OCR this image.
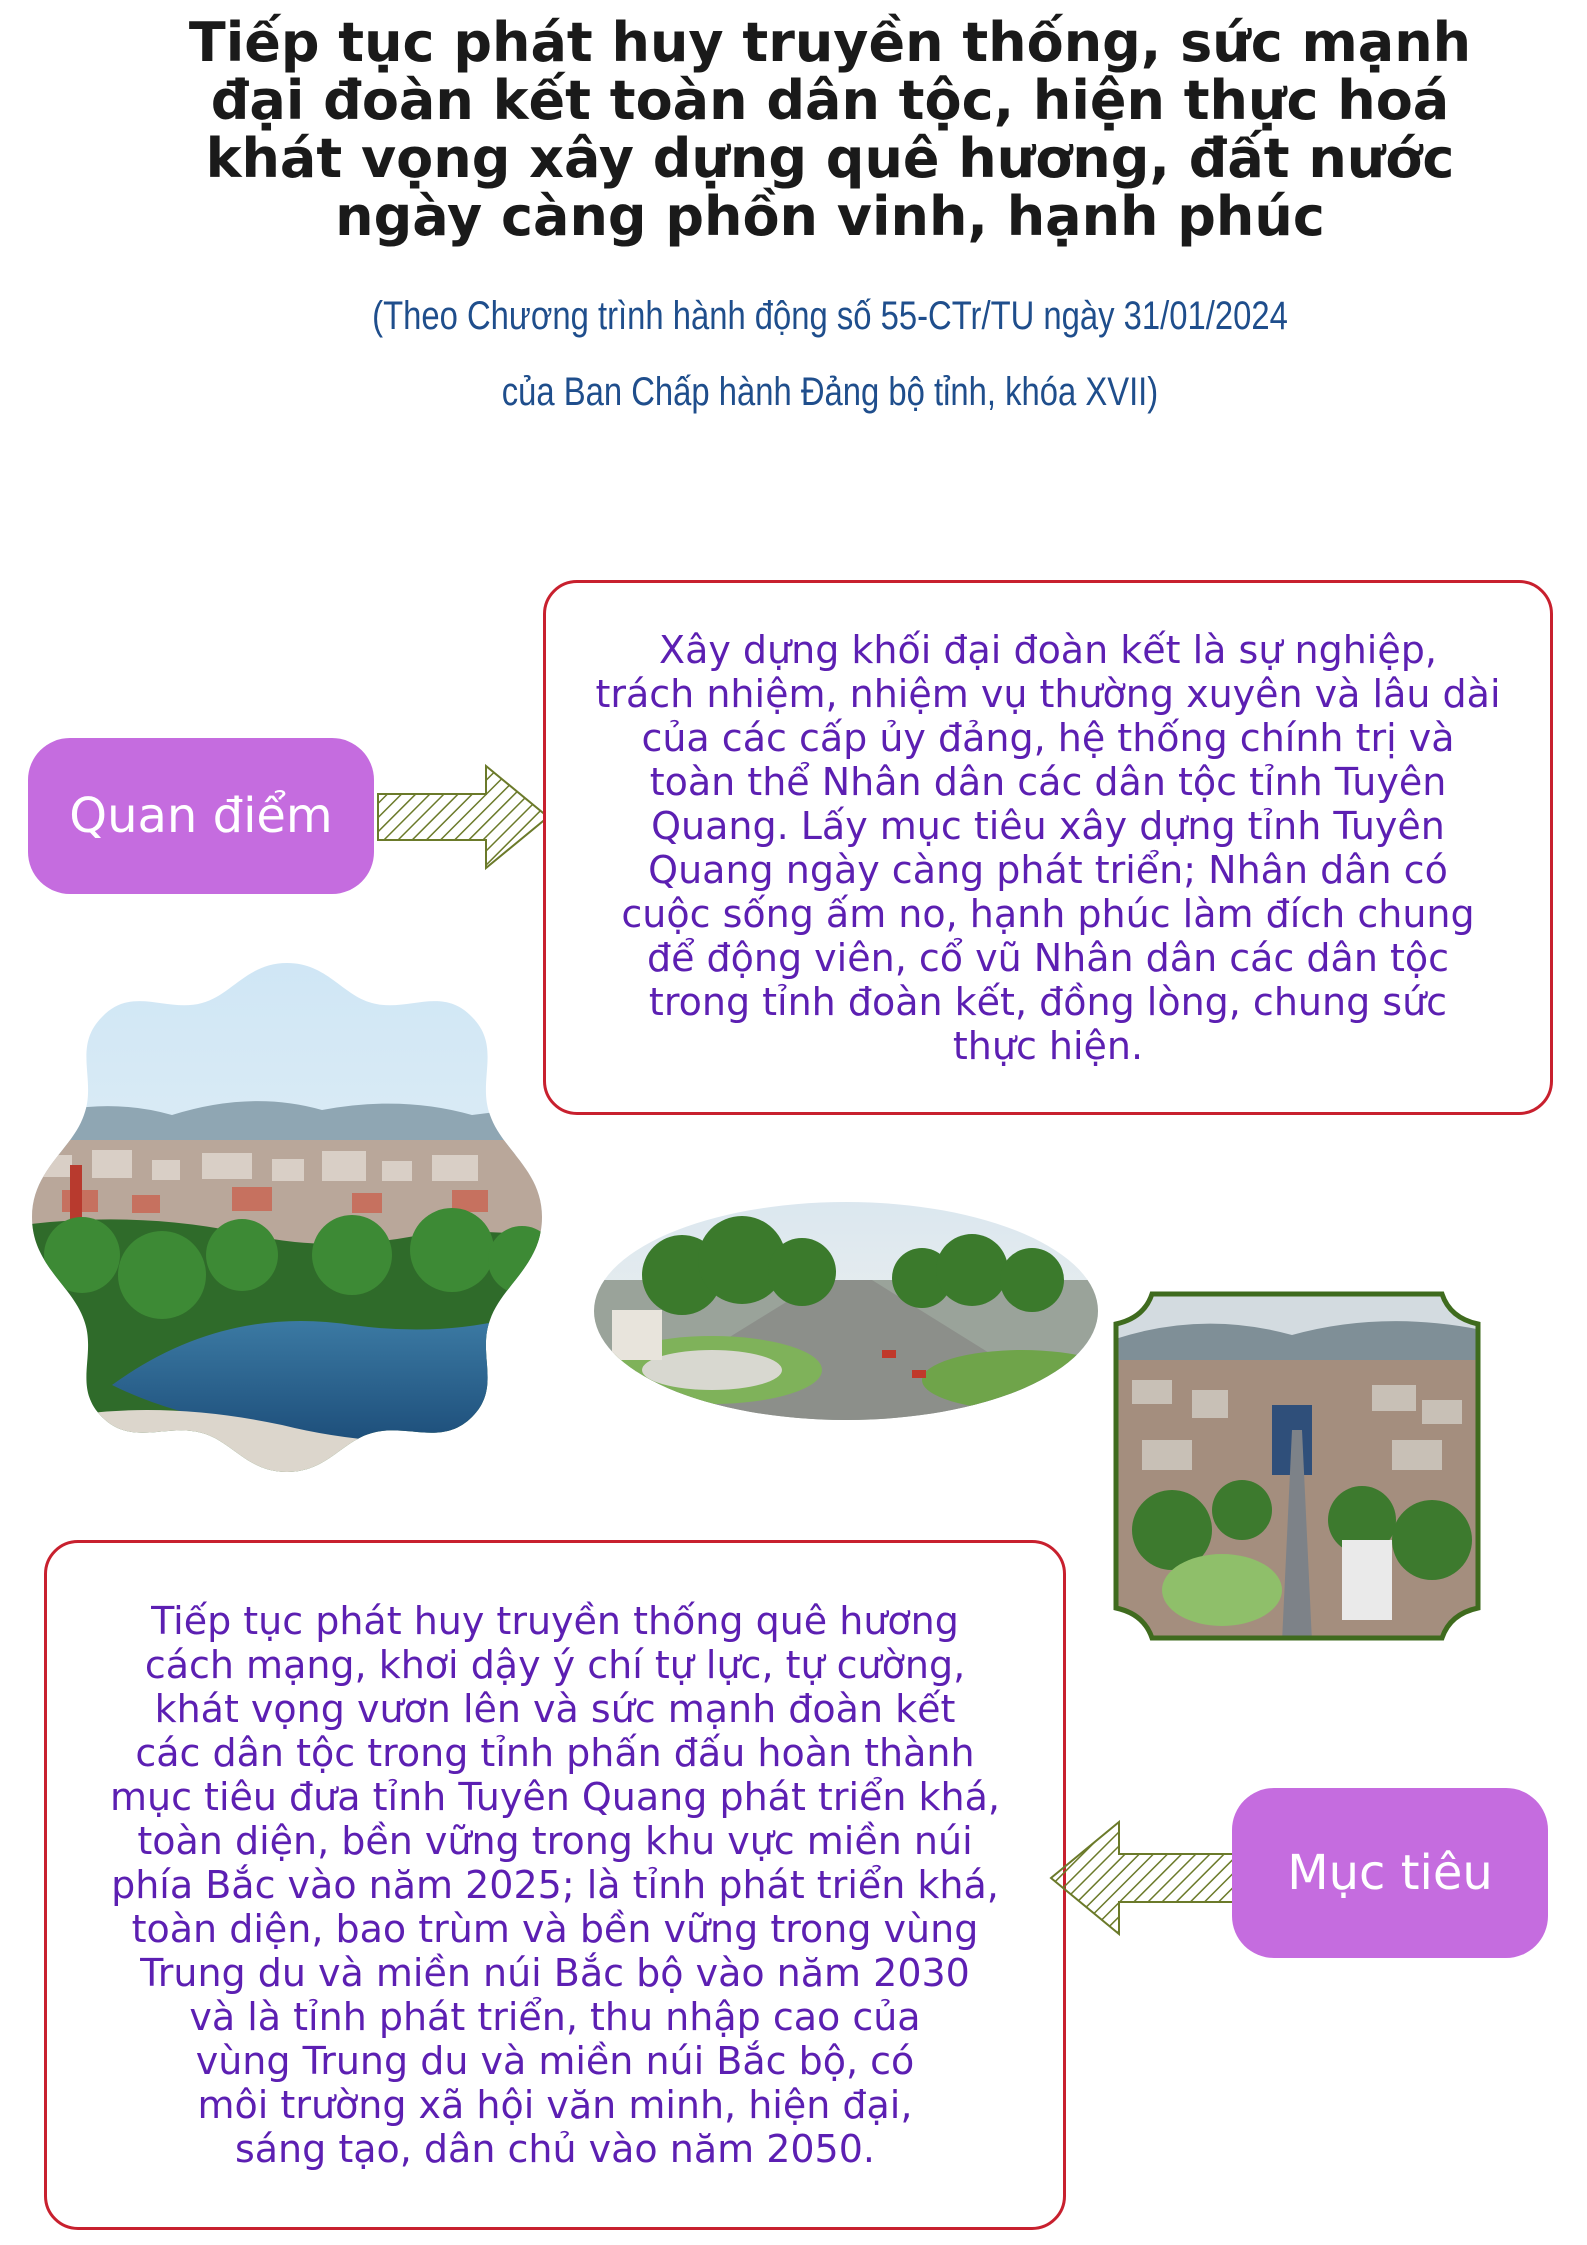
Tiếp tục phát huy truyền thống, sức mạnh
đại đoàn kết toàn dân tộc, hiện thực hoá
khát vọng xây dựng quê hương, đất nước
ngày càng phồn vinh, hạnh phúc
(Theo Chương trình hành động số 55-CTr/TU ngày 31/01/2024
của Ban Chấp hành Đảng bộ tỉnh, khóa XVII)
Quan điểm
Xây dựng khối đại đoàn kết là sự nghiệp,
trách nhiệm, nhiệm vụ thường xuyên và lâu dài
của các cấp ủy đảng, hệ thống chính trị và
toàn thể Nhân dân các dân tộc tỉnh Tuyên
Quang. Lấy mục tiêu xây dựng tỉnh Tuyên
Quang ngày càng phát triển; Nhân dân có
cuộc sống ấm no, hạnh phúc làm đích chung
để động viên, cổ vũ Nhân dân các dân tộc
trong tỉnh đoàn kết, đồng lòng, chung sức
thực hiện.
Tiếp tục phát huy truyền thống quê hương
cách mạng, khơi dậy ý chí tự lực, tự cường,
khát vọng vươn lên và sức mạnh đoàn kết
các dân tộc trong tỉnh phấn đấu hoàn thành
mục tiêu đưa tỉnh Tuyên Quang phát triển khá,
toàn diện, bền vững trong khu vực miền núi
phía Bắc vào năm 2025; là tỉnh phát triển khá,
toàn diện, bao trùm và bền vững trong vùng
Trung du và miền núi Bắc bộ vào năm 2030
và là tỉnh phát triển, thu nhập cao của
vùng Trung du và miền núi Bắc bộ, có
môi trường xã hội văn minh, hiện đại,
sáng tạo, dân chủ vào năm 2050.
Mục tiêu
